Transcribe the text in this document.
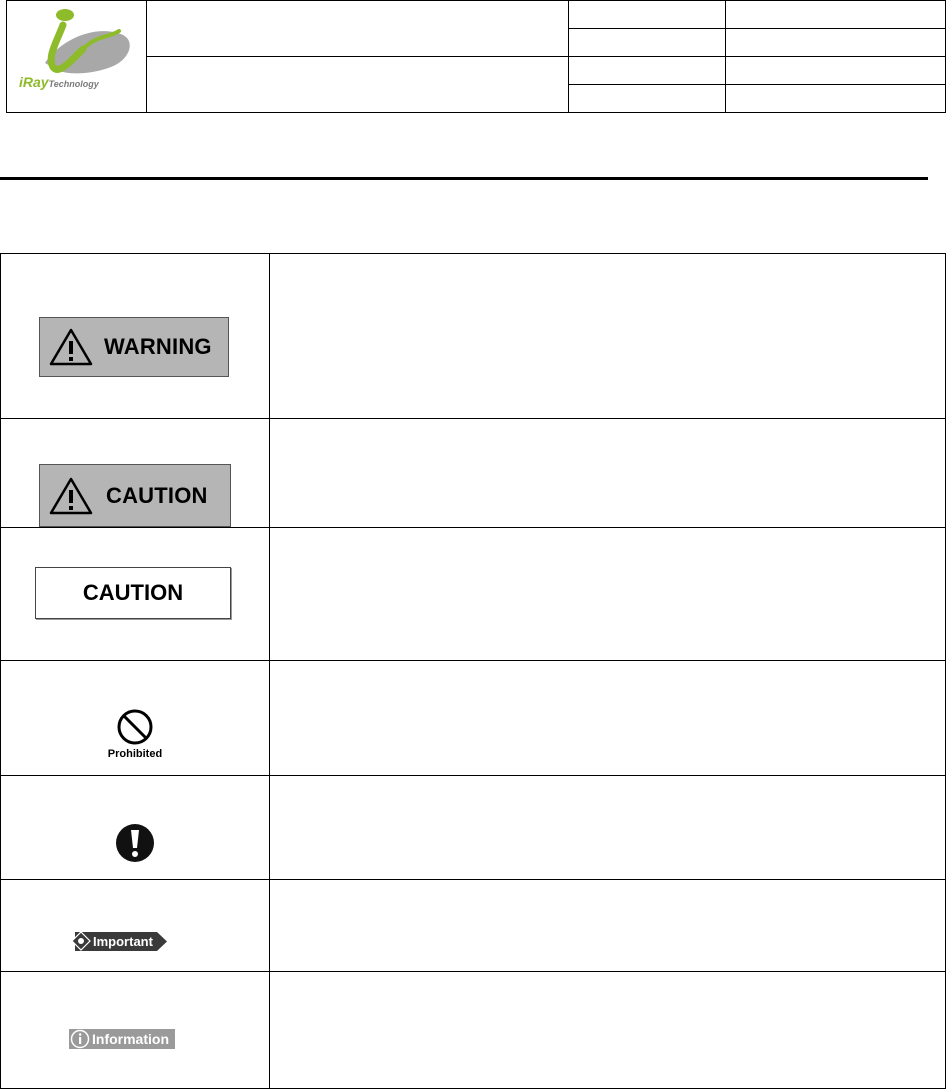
iRayTechnology
WARNING
CAUTION
CAUTION
Prohibited
Important
Information
